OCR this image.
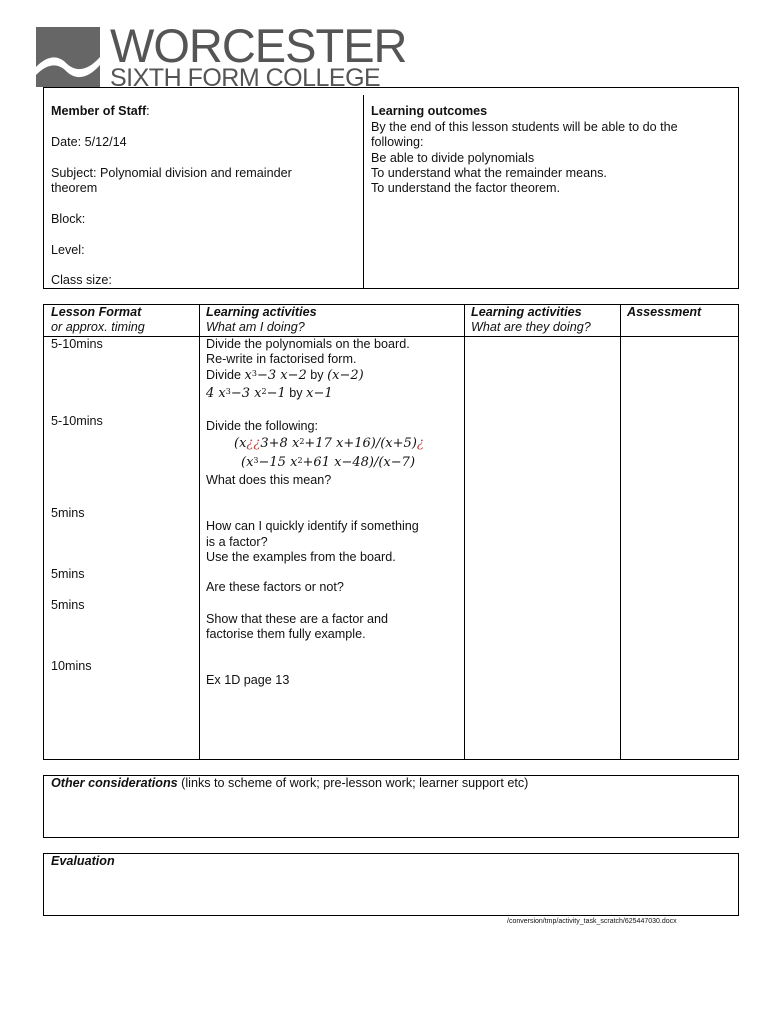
WORCESTER
SIXTH FORM COLLEGE
Member of Staff:
Date: 5/12/14
Subject: Polynomial division and remainder
theorem
Block:
Level:
Class size:
Learning outcomes
By the end of this lesson students will be able to do the
following:
Be able to divide polynomials
To understand what the remainder means.
To understand the factor theorem.
Lesson Format
or approx. timing
Learning activities
What am I doing?
Learning activities
What are they doing?
Assessment
5-10mins
5-10mins
5mins
5mins
5mins
10mins
Divide the polynomials on the board.
Re-write in factorised form.
Divide $x^3-3$ x−2 by (x−2)
4 $x^3-3$ $x^2-1$ by x−1
Divide the following:
(x¿¿3+8 $x^2+17$ x+16)/(x+5)¿
($x^3-15$ $x^2+61$ x−48)/(x−7)
What does this mean?
How can I quickly identify if something
is a factor?
Use the examples from the board.
Are these factors or not?
Show that these are a factor and
factorise them fully example.
Ex 1D page 13
Other considerations (links to scheme of work; pre-lesson work; learner support etc)
Evaluation
/conversion/tmp/activity_task_scratch/625447030.docx
